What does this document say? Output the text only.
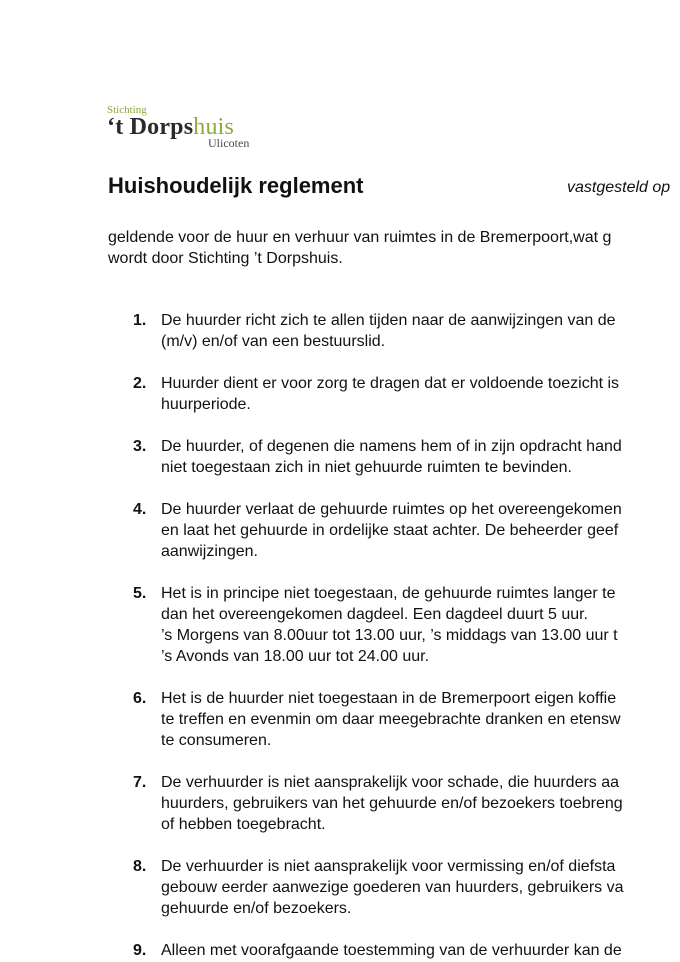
Stichting
‘t Dorpshuis
Ulicoten
Huishoudelijk reglement	vastgesteld op
geldende voor de huur en verhuur van ruimtes in de Bremerpoort,wat g
wordt door Stichting ’t Dorpshuis.
1. De huurder richt zich te allen tijden naar de aanwijzingen van de
(m/v) en/of van een bestuurslid.
2. Huurder dient er voor zorg te dragen dat er voldoende toezicht is
huurperiode.
3. De huurder, of degenen die namens hem of in zijn opdracht hand
niet toegestaan zich in niet gehuurde ruimten te bevinden.
4. De huurder verlaat de gehuurde ruimtes op het overeengekomen
en laat het gehuurde in ordelijke staat achter. De beheerder geef
aanwijzingen.
5. Het is in principe niet toegestaan, de gehuurde ruimtes langer te
dan het overeengekomen dagdeel. Een dagdeel duurt 5 uur.
’s Morgens van 8.00uur tot 13.00 uur, ’s middags van 13.00 uur t
’s Avonds van 18.00 uur tot 24.00 uur.
6. Het is de huurder niet toegestaan in de Bremerpoort eigen koffie
te treffen en evenmin om daar meegebrachte dranken en etensw
te consumeren.
7. De verhuurder is niet aansprakelijk voor schade, die huurders aa
huurders, gebruikers van het gehuurde en/of bezoekers toebreng
of hebben toegebracht.
8. De verhuurder is niet aansprakelijk voor vermissing en/of diefsta
gebouw eerder aanwezige goederen van huurders, gebruikers va
gehuurde en/of bezoekers.
9. Alleen met voorafgaande toestemming van de verhuurder kan de
